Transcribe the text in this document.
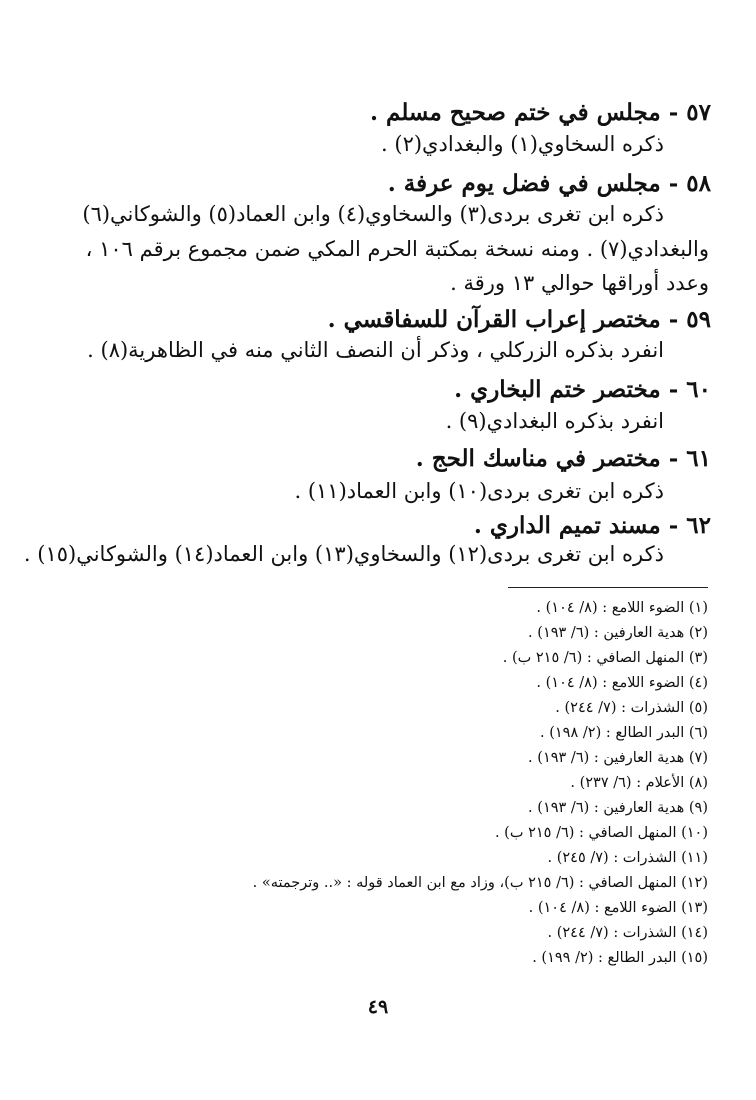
٥٧ - مجلس في ختم صحيح مسلم .
ذكره السخاوي(١) والبغدادي(٢) .
٥٨ - مجلس في فضل يوم عرفة .
ذكره ابن تغرى بردى(٣) والسخاوي(٤) وابن العماد(٥) والشوكاني(٦)
والبغدادي(٧) . ومنه نسخة بمكتبة الحرم المكي ضمن مجموع برقم ١٠٦ ،
وعدد أوراقها حوالي ١٣ ورقة .
٥٩ - مختصر إعراب القرآن للسفاقسي .
انفرد بذكره الزركلي ، وذكر أن النصف الثاني منه في الظاهرية(٨) .
٦٠ - مختصر ختم البخاري .
انفرد بذكره البغدادي(٩) .
٦١ - مختصر في مناسك الحج .
ذكره ابن تغرى بردى(١٠) وابن العماد(١١) .
٦٢ - مسند تميم الداري .
ذكره ابن تغرى بردى(١٢) والسخاوي(١٣) وابن العماد(١٤) والشوكاني(١٥) .
(١) الضوء اللامع : (٨/ ١٠٤) .
(٢) هدية العارفين : (٦/ ١٩٣) .
(٣) المنهل الصافي : (٦/ ٢١٥ ب) .
(٤) الضوء اللامع : (٨/ ١٠٤) .
(٥) الشذرات : (٧/ ٢٤٤) .
(٦) البدر الطالع : (٢/ ١٩٨) .
(٧) هدية العارفين : (٦/ ١٩٣) .
(٨) الأعلام : (٦/ ٢٣٧) .
(٩) هدية العارفين : (٦/ ١٩٣) .
(١٠) المنهل الصافي : (٦/ ٢١٥ ب) .
(١١) الشذرات : (٧/ ٢٤٥) .
(١٢) المنهل الصافي : (٦/ ٢١٥ ب)، وزاد مع ابن العماد قوله : «.. وترجمته» .
(١٣) الضوء اللامع : (٨/ ١٠٤) .
(١٤) الشذرات : (٧/ ٢٤٤) .
(١٥) البدر الطالع : (٢/ ١٩٩) .
٤٩
